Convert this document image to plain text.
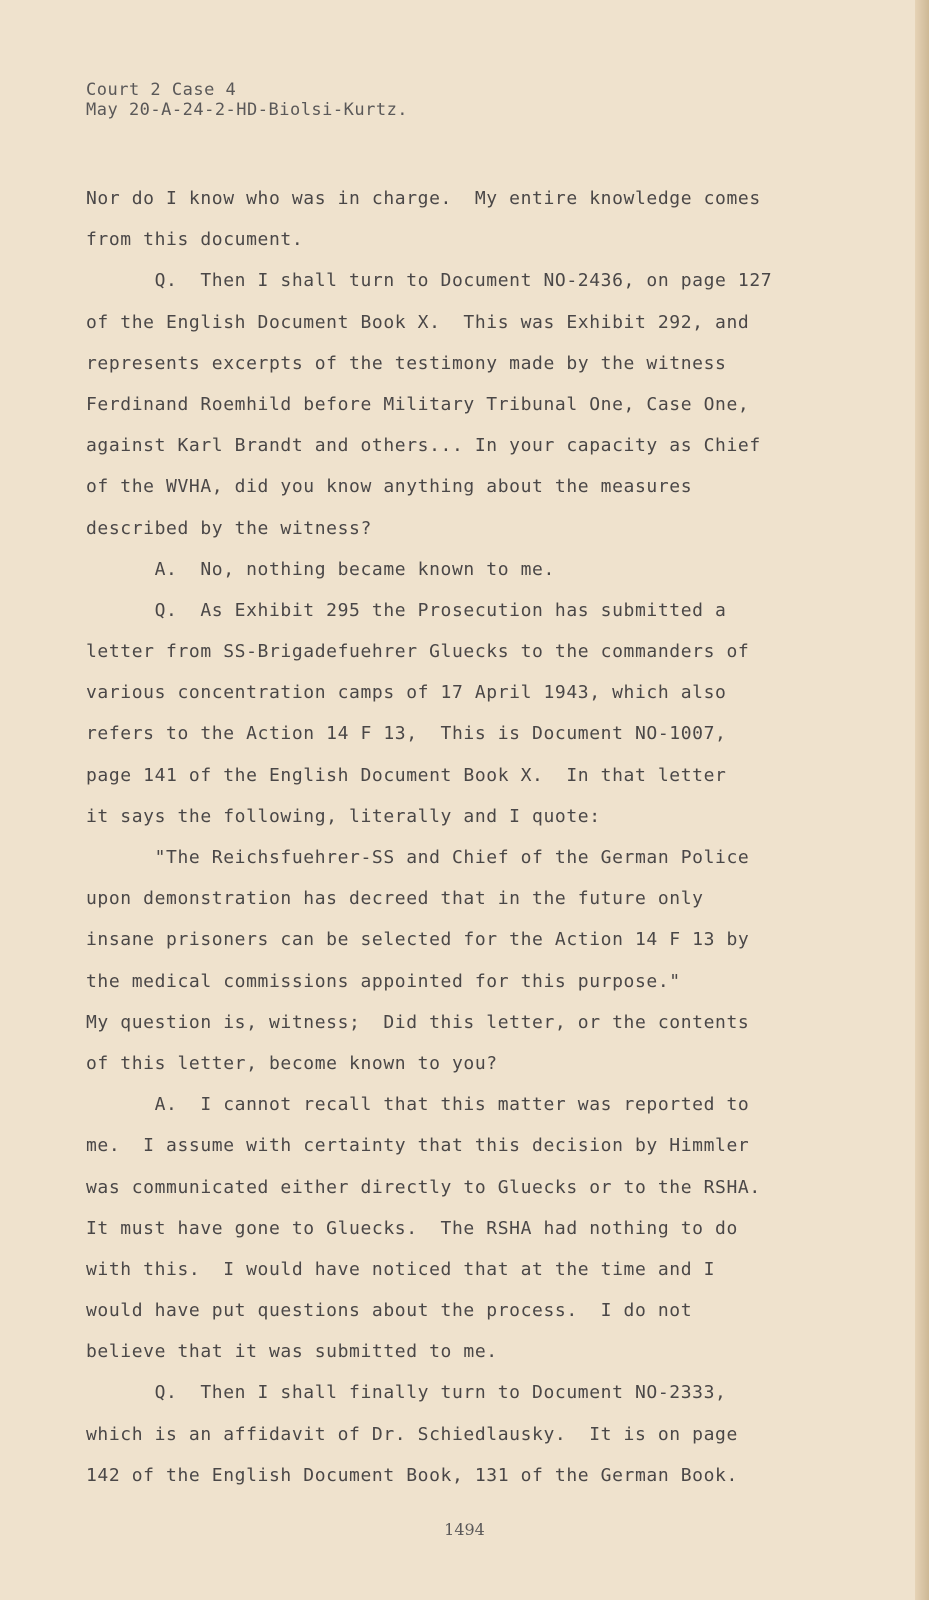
Court 2 Case 4
May 20-A-24-2-HD-Biolsi-Kurtz.
Nor do I know who was in charge.  My entire knowledge comes
from this document.
Q.  Then I shall turn to Document NO-2436, on page 127
of the English Document Book X.  This was Exhibit 292, and
represents excerpts of the testimony made by the witness
Ferdinand Roemhild before Military Tribunal One, Case One,
against Karl Brandt and others... In your capacity as Chief
of the WVHA, did you know anything about the measures
described by the witness?
A.  No, nothing became known to me.
Q.  As Exhibit 295 the Prosecution has submitted a
letter from SS-Brigadefuehrer Gluecks to the commanders of
various concentration camps of 17 April 1943, which also
refers to the Action 14 F 13,  This is Document NO-1007,
page 141 of the English Document Book X.  In that letter
it says the following, literally and I quote:
"The Reichsfuehrer-SS and Chief of the German Police
upon demonstration has decreed that in the future only
insane prisoners can be selected for the Action 14 F 13 by
the medical commissions appointed for this purpose."
My question is, witness;  Did this letter, or the contents
of this letter, become known to you?
A.  I cannot recall that this matter was reported to
me.  I assume with certainty that this decision by Himmler
was communicated either directly to Gluecks or to the RSHA.
It must have gone to Gluecks.  The RSHA had nothing to do
with this.  I would have noticed that at the time and I
would have put questions about the process.  I do not
believe that it was submitted to me.
Q.  Then I shall finally turn to Document NO-2333,
which is an affidavit of Dr. Schiedlausky.  It is on page
142 of the English Document Book, 131 of the German Book.
1494
